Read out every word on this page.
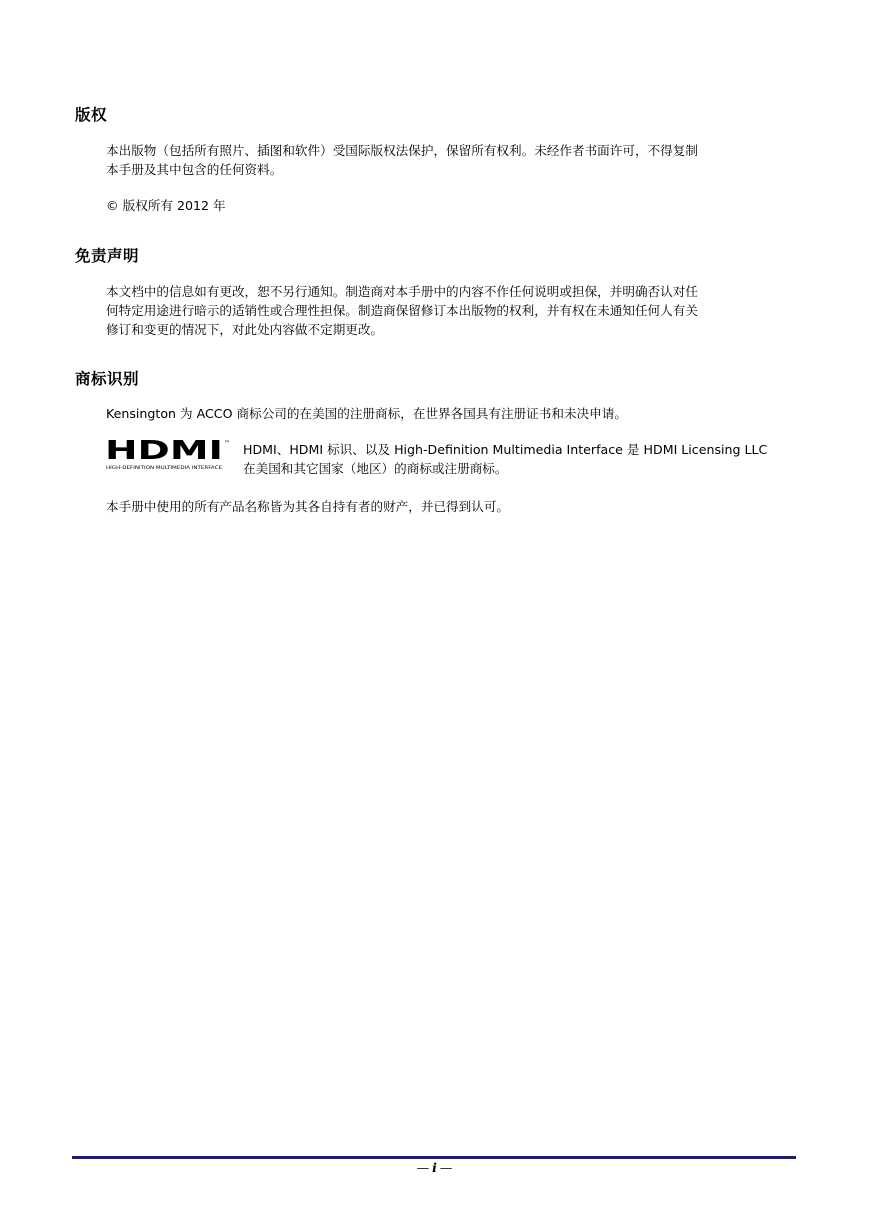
版权
本出版物（包括所有照片、插图和软件）受国际版权法保护，保留所有权利。未经作者书面许可，不得复制
本手册及其中包含的任何资料。
© 版权所有 2012 年
免责声明
本文档中的信息如有更改，恕不另行通知。制造商对本手册中的内容不作任何说明或担保，并明确否认对任
何特定用途进行暗示的适销性或合理性担保。制造商保留修订本出版物的权利，并有权在未通知任何人有关
修订和变更的情况下，对此处内容做不定期更改。
商标识别
Kensington 为 ACCO 商标公司的在美国的注册商标，在世界各国具有注册证书和未决申请。
HDMI ™
HIGH-DEFINITION MULTIMEDIA INTERFACE
HDMI、HDMI 标识、以及 High-Definition Multimedia Interface 是 HDMI Licensing LLC
在美国和其它国家（地区）的商标或注册商标。
本手册中使用的所有产品名称皆为其各自持有者的财产，并已得到认可。
— i —
